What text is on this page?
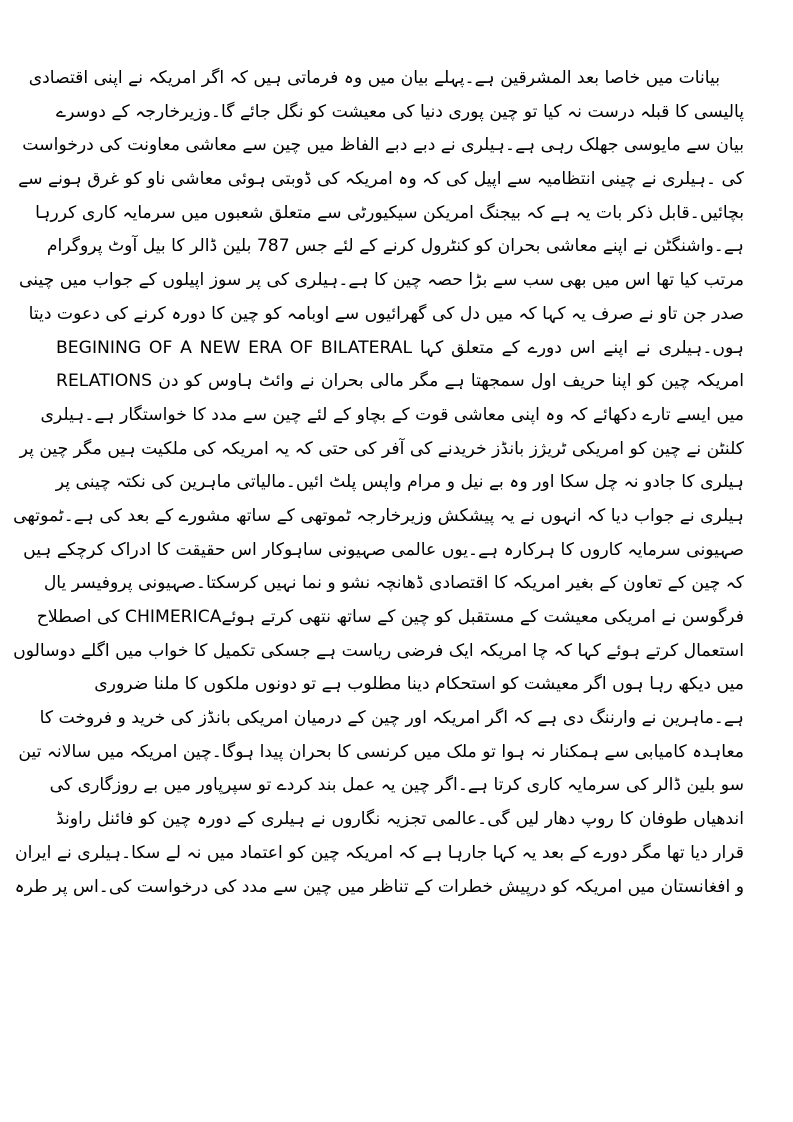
بیانات میں خاصا بعد المشرقین ہے۔پہلے بیان میں وہ فرماتی ہیں کہ اگر امریکہ نے اپنی اقتصادی
پالیسی کا قبلہ درست نہ کیا تو چین پوری دنیا کی معیشت کو نگل جائے گا۔وزیرخارجہ کے دوسرے
بیان سے مایوسی جھلک رہی ہے۔ہیلری نے دبے دبے الفاظ میں چین سے معاشی معاونت کی درخواست
کی ۔ہیلری نے چینی انتظامیہ سے اپیل کی کہ وہ امریکہ کی ڈوبتی ہوئی معاشی ناو کو غرق ہونے سے
بچائیں۔قابل ذکر بات یہ ہے کہ بیجنگ امریکن سیکیورٹی سے متعلق شعبوں میں سرمایہ کاری کررہا
ہے۔واشنگٹن نے اپنے معاشی بحران کو کنٹرول کرنے کے لئے جس 787 بلین ڈالر کا بیل آوٹ پروگرام
مرتب کیا تھا اس میں بھی سب سے بڑا حصہ چین کا ہے۔ہیلری کی پر سوز اپیلوں کے جواب میں چینی
صدر جن تاو نے صرف یہ کہا کہ میں دل کی گھرائیوں سے اوبامہ کو چین کا دورہ کرنے کی دعوت دیتا
ہوں۔ہیلری نے اپنے اس دورے کے متعلق کہا BEGINING OF A NEW ERA OF BILATERAL
RELATIONS امریکہ چین کو اپنا حریف اول سمجھتا ہے مگر مالی بحران نے وائٹ ہاوس کو دن
میں ایسے تارے دکھائے کہ وہ اپنی معاشی قوت کے بچاو کے لئے چین سے مدد کا خواستگار ہے۔ہیلری
کلنٹن نے چین کو امریکی ٹریژز بانڈز خریدنے کی آفر کی حتی کہ یہ امریکہ کی ملکیت ہیں مگر چین پر
ہیلری کا جادو نہ چل سکا اور وہ بے نیل و مرام واپس پلٹ ائیں۔مالیاتی ماہرین کی نکتہ چینی پر
ہیلری نے جواب دیا کہ انہوں نے یہ پیشکش وزیرخارجہ ٹموتھی کے ساتھ مشورے کے بعد کی ہے۔ٹموتھی
صہیونی سرمایہ کاروں کا ہرکارہ ہے۔یوں عالمی صہیونی ساہوکار اس حقیقت کا ادراک کرچکے ہیں
کہ چین کے تعاون کے بغیر امریکہ کا اقتصادی ڈھانچہ نشو و نما نہیں کرسکتا۔صہیونی پروفیسر یال
فرگوسن نے امریکی معیشت کے مستقبل کو چین کے ساتھ نتھی کرتے ہوئےCHIMERICA کی اصطلاح
استعمال کرتے ہوئے کہا کہ چا امریکہ ایک فرضی ریاست ہے جسکی تکمیل کا خواب میں اگلے دوسالوں
میں دیکھ رہا ہوں اگر معیشت کو استحکام دینا مطلوب ہے تو دونوں ملکوں کا ملنا ضروری
ہے۔ماہرین نے وارننگ دی ہے کہ اگر امریکہ اور چین کے درمیان امریکی بانڈز کی خرید و فروخت کا
معاہدہ کامیابی سے ہمکنار نہ ہوا تو ملک میں کرنسی کا بحران پیدا ہوگا۔چین امریکہ میں سالانہ تین
سو بلین ڈالر کی سرمایہ کاری کرتا ہے۔اگر چین یہ عمل بند کردے تو سپرپاور میں بے روزگاری کی
اندھیاں طوفان کا روپ دھار لیں گی۔عالمی تجزیہ نگاروں نے ہیلری کے دورہ چین کو فائنل راونڈ
قرار دیا تھا مگر دورے کے بعد یہ کہا جارہا ہے کہ امریکہ چین کو اعتماد میں نہ لے سکا۔ہیلری نے ایران
و افغانستان میں امریکہ کو درپیش خطرات کے تناظر میں چین سے مدد کی درخواست کی۔اس پر طرہ
